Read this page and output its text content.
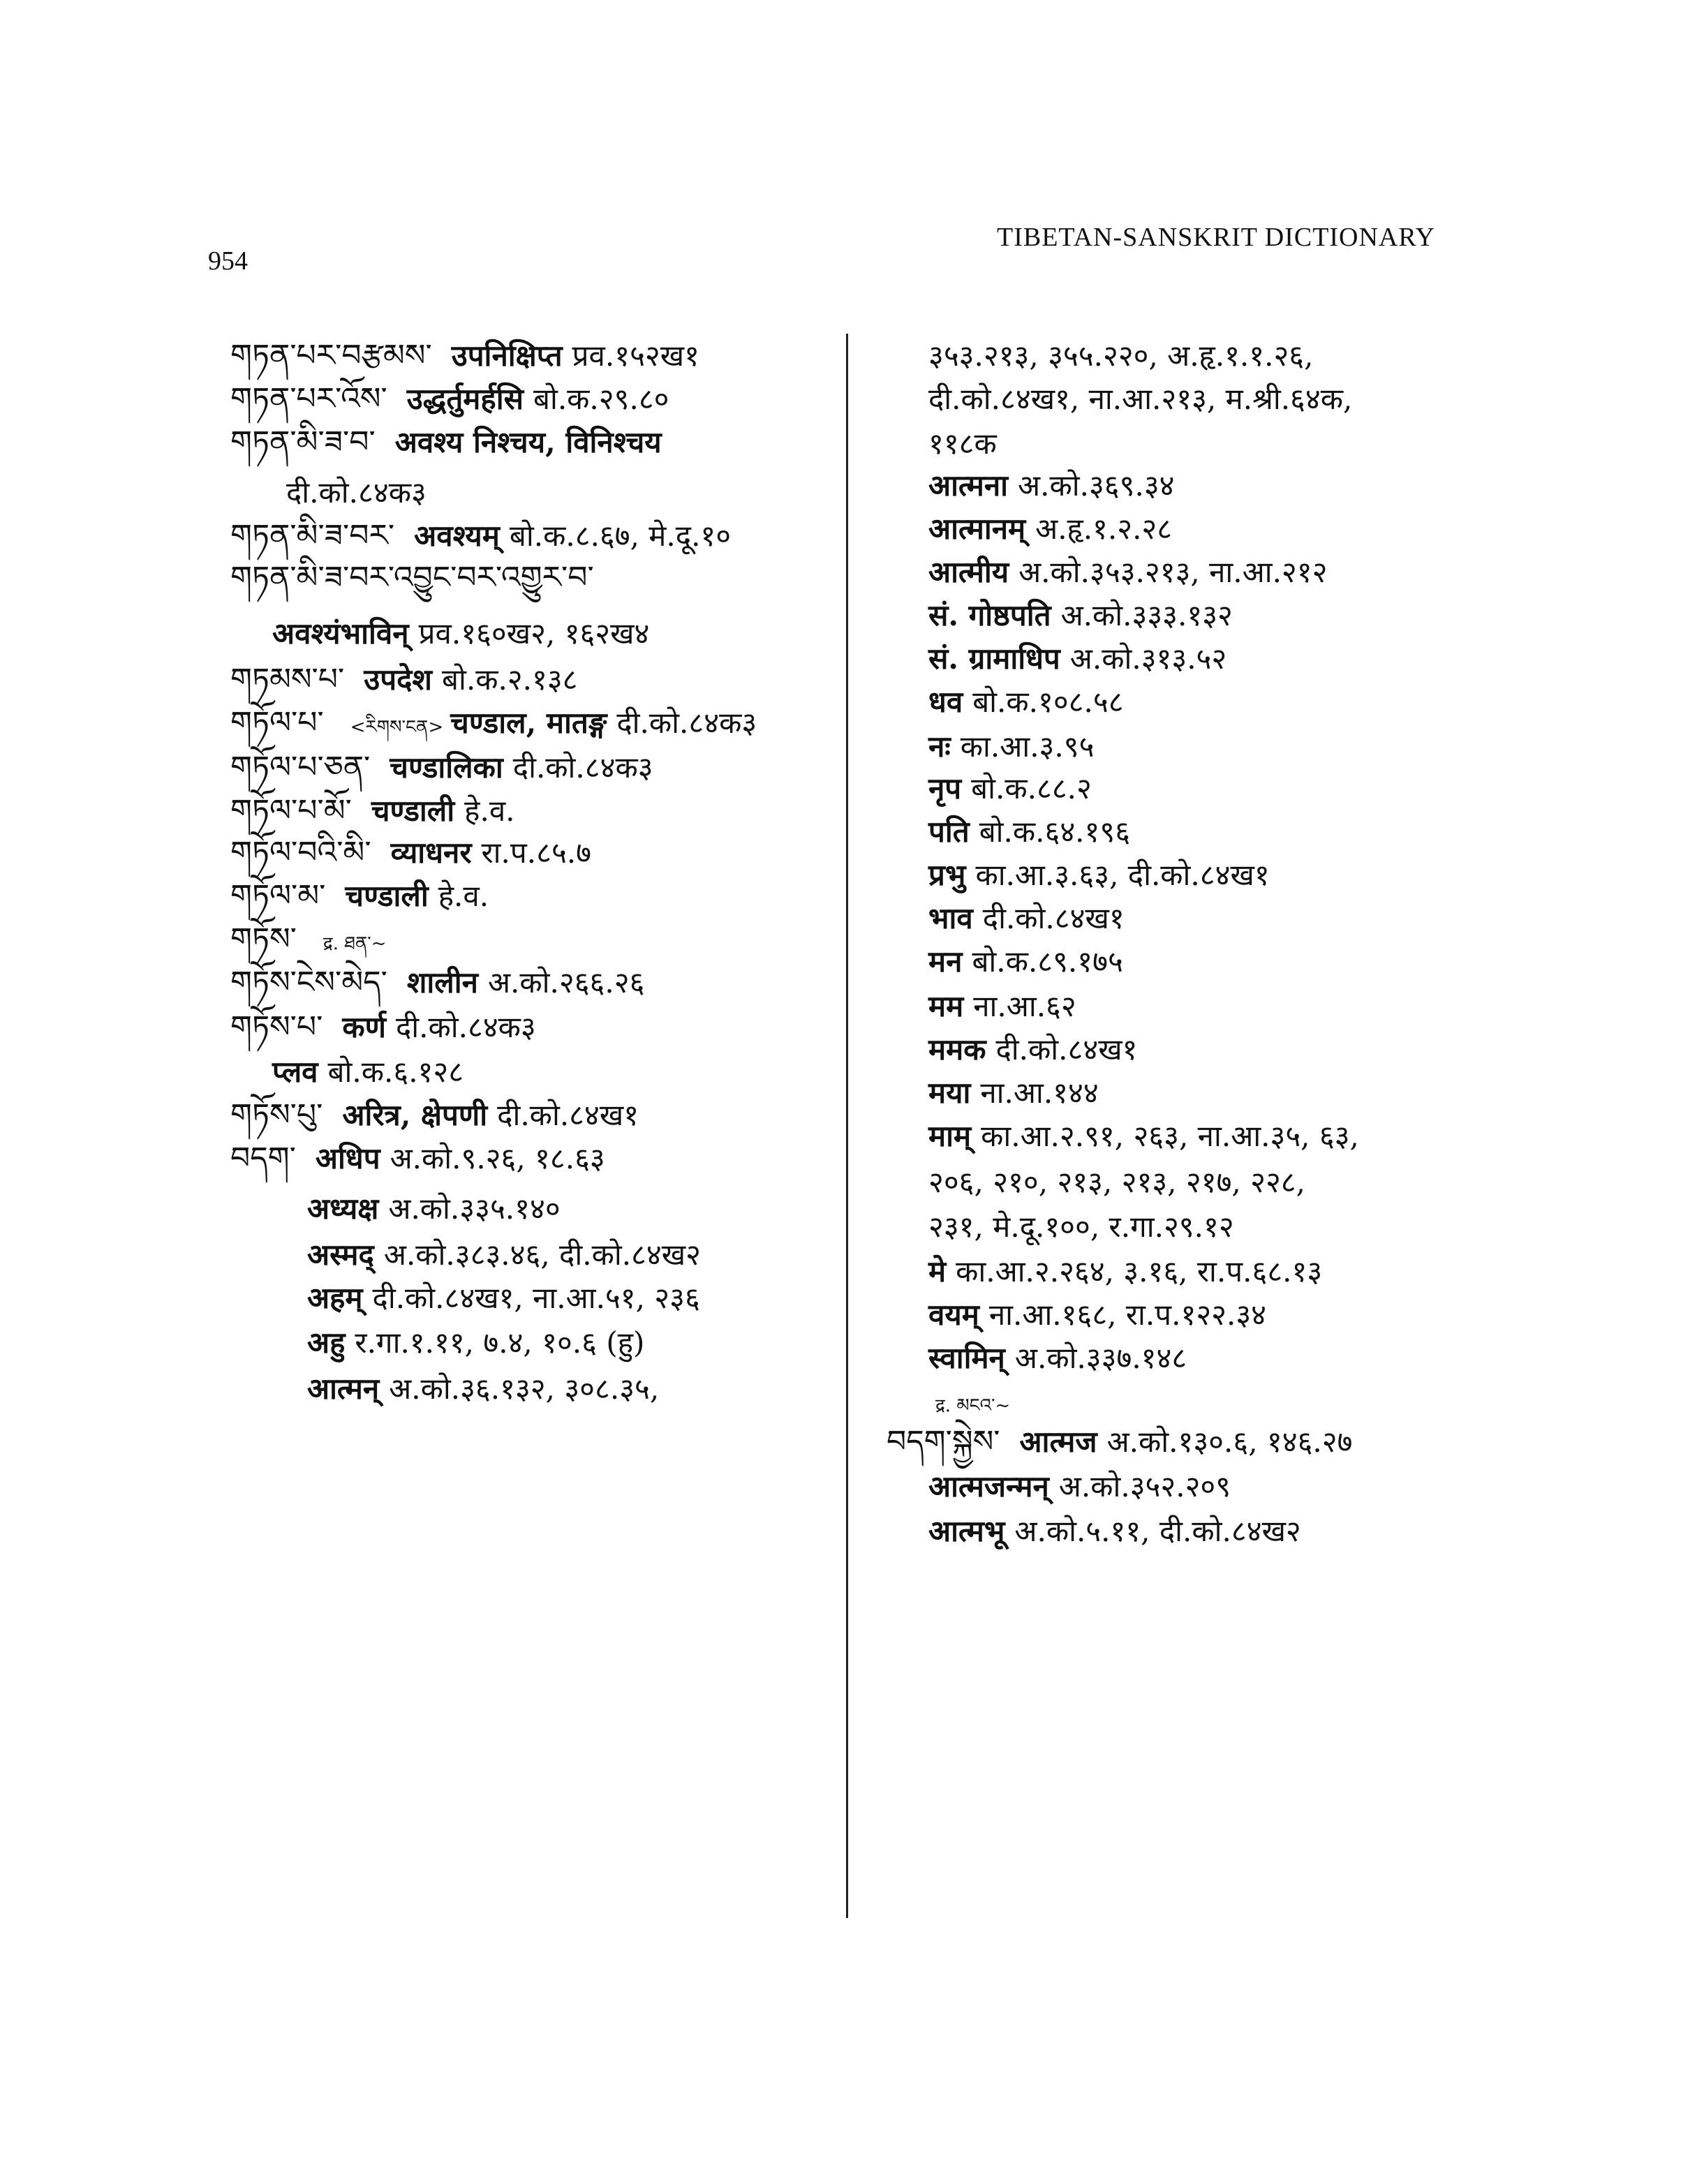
954
TIBETAN-SANSKRIT DICTIONARY
གཏན་པར་བརྩམས་ उपनिक्षिप्त प्रव.१५२ख१
གཏན་པར་འོས་ उद्धर्तुमर्हसि बो.क.२९.८०
གཏན་མི་ཟ་བ་ अवश्य निश्चय, विनिश्चय
दी.को.८४क३
གཏན་མི་ཟ་བར་ अवश्यम् बो.क.८.६७, मे.दू.१०
གཏན་མི་ཟ་བར་འབྱུང་བར་འགྱུར་བ་
अवश्यंभाविन् प्रव.१६०ख२, १६२ख४
གཏམས་པ་ उपदेश बो.क.२.१३८
གཏོལ་པ་ <རིགས་ངན> चण्डाल, मातङ्ग दी.को.८४क३
གཏོལ་པ་ཅན་ चण्डालिका दी.को.८४क३
གཏོལ་པ་མོ་ चण्डाली हे.व.
གཏོལ་བའི་མི་ व्याधनर रा.प.८५.७
གཏོལ་མ་ चण्डाली हे.व.
གཏོས་ द्र. ཐན་~
གཏོས་ངེས་མེད་ शालीन अ.को.२६६.२६
གཏོས་པ་ कर्ण दी.को.८४क३
प्लव बो.क.६.१२८
གཏོས་པུ་ अरित्र, क्षेपणी दी.को.८४ख१
བདག་ अधिप अ.को.९.२६, १८.६३
अध्यक्ष अ.को.३३५.१४०
अस्मद् अ.को.३८३.४६, दी.को.८४ख२
अहम् दी.को.८४ख१, ना.आ.५१, २३६
अहु र.गा.१.११, ७.४, १०.६ (हु)
आत्मन् अ.को.३६.१३२, ३०८.३५,
३५३.२१३, ३५५.२२०, अ.हृ.१.१.२६,
दी.को.८४ख१, ना.आ.२१३, म.श्री.६४क,
११८क
आत्मना अ.को.३६९.३४
आत्मानम् अ.हृ.१.२.२८
आत्मीय अ.को.३५३.२१३, ना.आ.२१२
सं. गोष्ठपति अ.को.३३३.१३२
सं. ग्रामाधिप अ.को.३१३.५२
धव बो.क.१०८.५८
नः का.आ.३.९५
नृप बो.क.८८.२
पति बो.क.६४.१९६
प्रभु का.आ.३.६३, दी.को.८४ख१
भाव दी.को.८४ख१
मन बो.क.८९.१७५
मम ना.आ.६२
ममक दी.को.८४ख१
मया ना.आ.१४४
माम् का.आ.२.९१, २६३, ना.आ.३५, ६३,
२०६, २१०, २१३, २१३, २१७, २२८,
२३१, मे.दू.१००, र.गा.२९.१२
मे का.आ.२.२६४, ३.१६, रा.प.६८.१३
वयम् ना.आ.१६८, रा.प.१२२.३४
स्वामिन् अ.को.३३७.१४८
द्र. མངའ་~
བདག་སྐྱེས་ आत्मज अ.को.१३०.६, १४६.२७
आत्मजन्मन् अ.को.३५२.२०९
आत्मभू अ.को.५.११, दी.को.८४ख२
